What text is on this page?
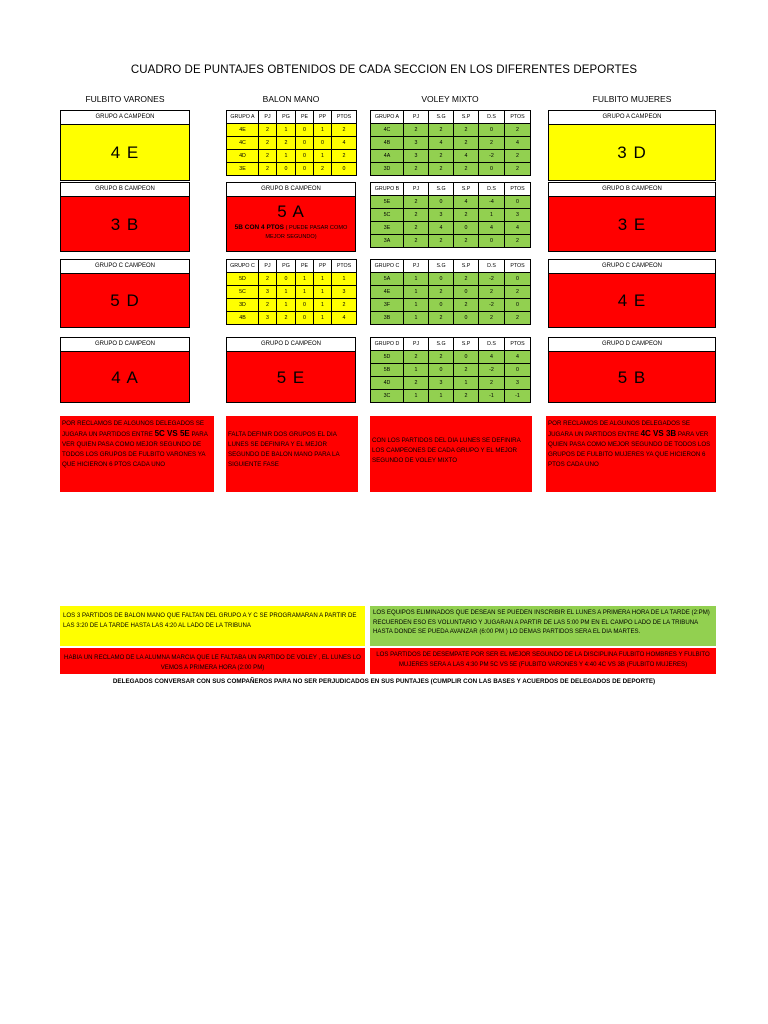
CUADRO DE PUNTAJES OBTENIDOS DE CADA SECCION EN LOS DIFERENTES DEPORTES
FULBITO VARONES	BALON MANO	VOLEY MIXTO	FULBITO MUJERES
GRUPO A CAMPEON
4 E
GRUPO B CAMPEON
3 B
GRUPO C CAMPEON
5 D
GRUPO D CAMPEON
4 A
POR RECLAMOS DE ALGUNOS DELEGADOS SE JUGARA UN PARTIDOS ENTRE 5C VS 5E PARA VER QUIEN PASA COMO MEJOR SEGUNDO DE TODOS LOS GRUPOS DE FULBITO VARONES YA QUE HICIERON 6 PTOS CADA UNO
GRUPO A	PJ	PG	PE	PP	PTOS
4E	2	1	0	1	2
4C	2	2	0	0	4
4D	2	1	0	1	2
3E	2	0	0	2	0
GRUPO B CAMPEON
5 A
5B CON 4 PTOS ( PUEDE PASAR COMO MEJOR SEGUNDO)
GRUPO C	PJ	PG	PE	PP	PTOS
5D	2	0	1	1	1
5C	3	1	1	1	3
3D	2	1	0	1	2
4B	3	2	0	1	4
GRUPO D CAMPEON
5 E
FALTA DEFINIR DOS GRUPOS EL DIA LUNES SE DEFINIRA Y EL MEJOR SEGUNDO DE BALON MANO PARA LA SIGUIENTE FASE
GRUPO A	PJ	S.G	S.P	D.S	PTOS
4C	2	2	2	0	2
4B	3	4	2	2	4
4A	3	2	4	-2	2
3D	2	2	2	0	2
GRUPO B	PJ	S.G	S.P	D.S	PTOS
5E	2	0	4	-4	0
5C	2	3	2	1	3
3E	2	4	0	4	4
3A	2	2	2	0	2
GRUPO C	PJ	S.G	S.P	D.S	PTOS
5A	1	0	2	-2	0
4E	1	2	0	2	2
3F	1	0	2	-2	0
3B	1	2	0	2	2
GRUPO D	PJ	S.G	S.P	D.S	PTOS
5D	2	2	0	4	4
5B	1	0	2	-2	0
4D	2	3	1	2	3
3C	1	1	2	-1	-1
CON LOS PARTIDOS DEL DIA LUNES SE DEFINIRA LOS CAMPEONES DE CADA GRUPO Y EL MEJOR SEGUNDO DE VOLEY MIXTO
GRUPO A CAMPEON
3 D
GRUPO B CAMPEON
3 E
GRUPO C CAMPEON
4 E
GRUPO D CAMPEON
5 B
POR RECLAMOS DE ALGUNOS DELEGADOS SE JUGARA UN PARTIDOS ENTRE 4C VS 3B PARA VER QUIEN PASA COMO MEJOR SEGUNDO DE TODOS LOS GRUPOS DE FULBITO MUJERES YA QUE HICIERON 6 PTOS CADA UNO
LOS 3 PARTIDOS DE BALON MANO QUE FALTAN DEL GRUPO A Y C SE PROGRAMARAN A PARTIR DE LAS 3:20 DE LA TARDE HASTA LAS 4:20 AL LADO DE LA TRIBUNA
LOS EQUIPOS ELIMINADOS QUE DESEAN SE PUEDEN INSCRIBIR EL LUNES A PRIMERA HORA DE LA TARDE (2:PM) RECUERDEN ESO ES VOLUNTARIO Y JUGARAN A PARTIR DE LAS 5:00 PM EN EL CAMPO LADO DE LA TRIBUNA HASTA DONDE SE PUEDA AVANZAR (6:00 PM ) LO DEMAS PARTIDOS SERA EL DIA MARTES.
HABIA UN RECLAMO DE LA ALUMNA MARCIA QUE LE FALTABA UN PARTIDO DE VOLEY , EL LUNES LO VEMOS A PRIMERA HORA (2:00 PM)
LOS PARTIDOS DE DESEMPATE POR SER EL MEJOR SEGUNDO DE LA DISCIPLINA FULBITO HOMBRES Y FULBITO MUJERES SERA A LAS 4:30 PM 5C VS 5E (FULBITO VARONES Y 4:40 4C VS 3B (FULBITO MUJERES)
DELEGADOS CONVERSAR CON SUS COMPAÑEROS PARA NO SER PERJUDICADOS EN SUS PUNTAJES (CUMPLIR CON LAS BASES Y ACUERDOS DE DELEGADOS DE DEPORTE)
